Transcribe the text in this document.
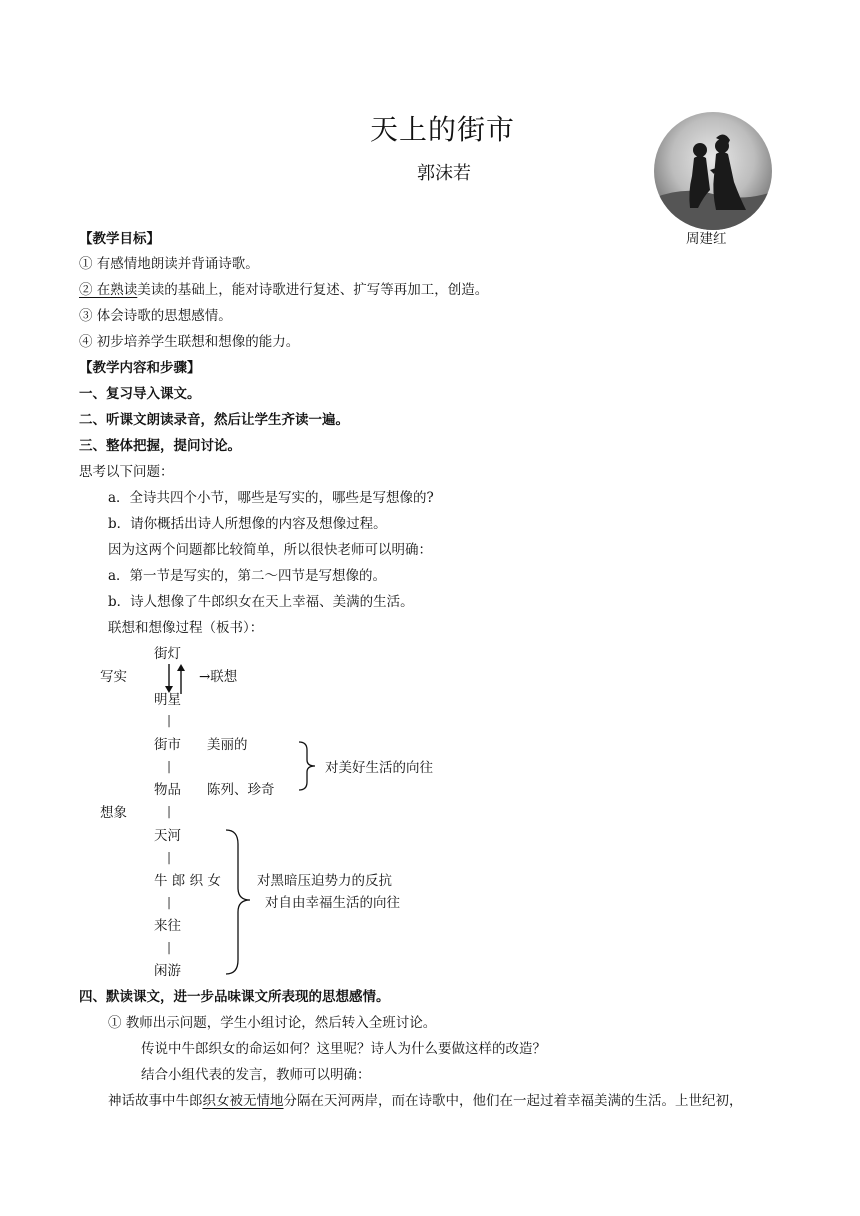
天上的街市
郭沫若
周建红
【教学目标】
① 有感情地朗读并背诵诗歌。
② 在熟读美读的基础上，能对诗歌进行复述、扩写等再加工，创造。
③ 体会诗歌的思想感情。
④ 初步培养学生联想和想像的能力。
【教学内容和步骤】
一、复习导入课文。
二、听课文朗读录音，然后让学生齐读一遍。
三、整体把握，提问讨论。
思考以下问题：
a．全诗共四个小节，哪些是写实的，哪些是写想像的?
b．请你概括出诗人所想像的内容及想像过程。
因为这两个问题都比较简单，所以很快老师可以明确：
a．第一节是写实的，第二～四节是写想像的。
b．诗人想像了牛郎织女在天上幸福、美满的生活。
联想和想像过程（板书）：
街灯
写实	→联想
明星
|
街市 美丽的
|
物品 陈列、珍奇
对美好生活的向往
想象	|
天河
|
牛 郎 织 女
|
来往
|
闲游
对黑暗压迫势力的反抗
对自由幸福生活的向往
四、默读课文，进一步品味课文所表现的思想感情。
① 教师出示问题，学生小组讨论，然后转入全班讨论。
传说中牛郎织女的命运如何？这里呢？诗人为什么要做这样的改造？
结合小组代表的发言，教师可以明确：
神话故事中牛郎织女被无情地分隔在天河两岸，而在诗歌中，他们在一起过着幸福美满的生活。上世纪初，
